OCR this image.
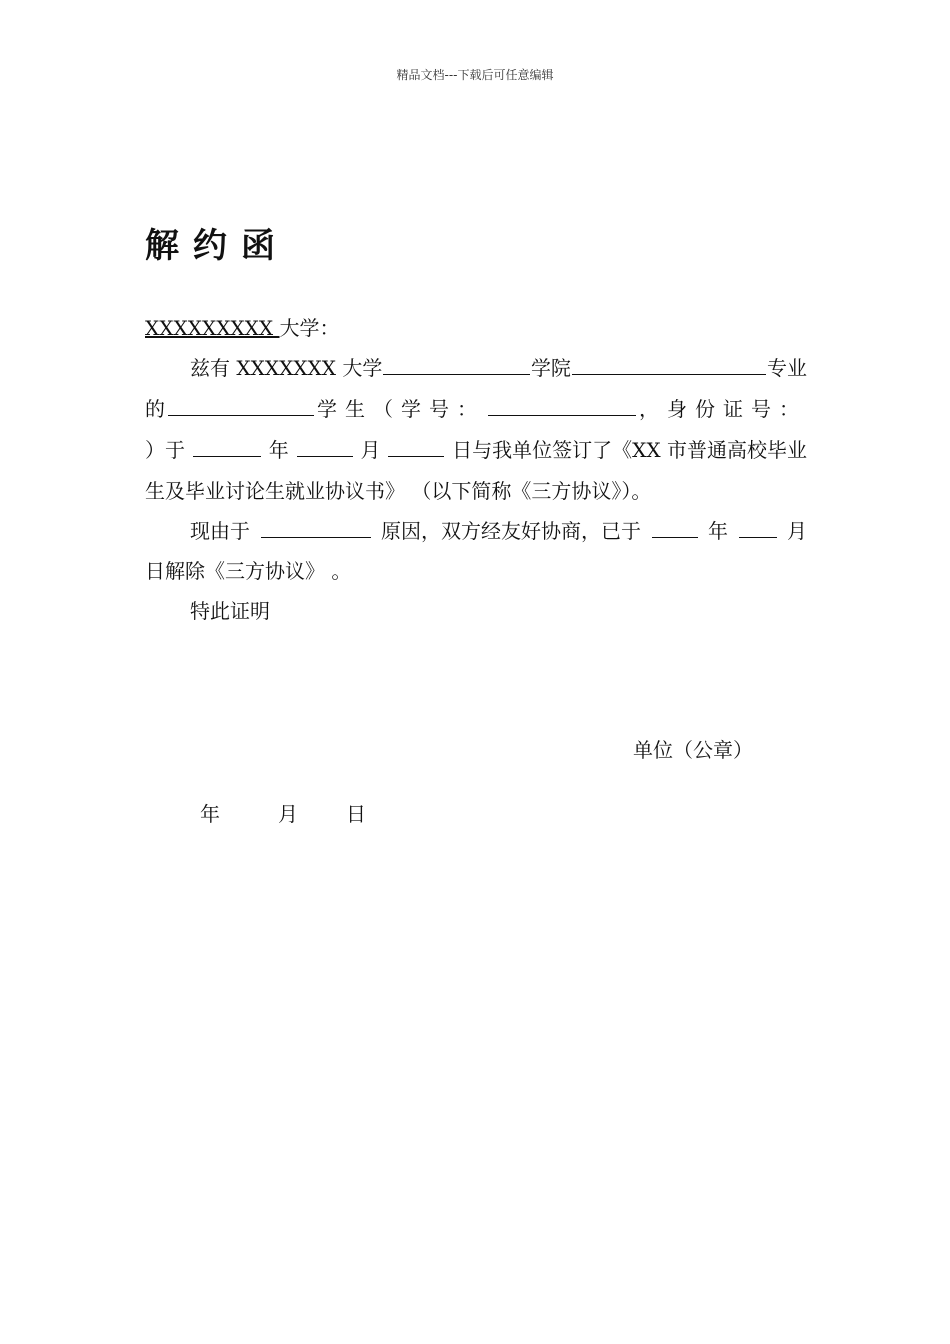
精品文档---下载后可任意编辑
解约函
XXXXXXXXX 大学：
兹有 XXXXXXX 大学	学院	专业
的	学生（学号：	，身份证号：
）于	年	月	日与我单位签订了《XX 市普通高校毕业
生及毕业讨论生就业协议书》 （以下简称《三方协议》）。
现由于	原因，双方经友好协商，已于	年	月
日解除《三方协议》 。
特此证明
单位（公章）
年	月 日
